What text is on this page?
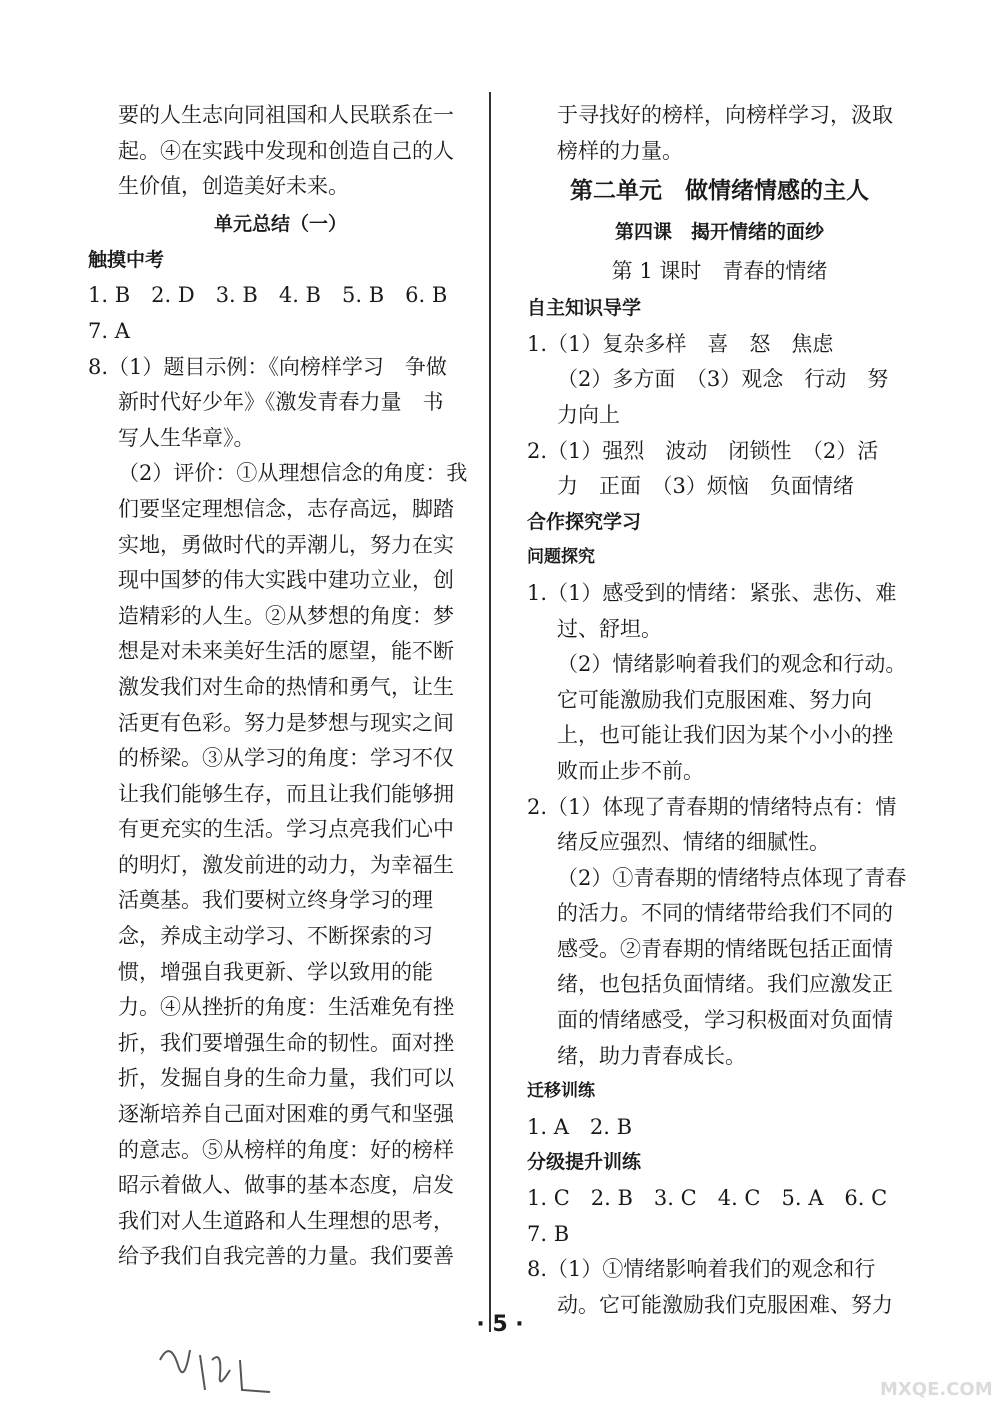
要的人生志向同祖国和人民联系在一
起。④在实践中发现和创造自己的人
生价值，创造美好未来。
单元总结（一）
触摸中考
1. B　2. D　3. B　4. B　5. B　6. B
7. A
8.（1）题目示例：《向榜样学习　争做
新时代好少年》《激发青春力量　书
写人生华章》。
（2）评价：①从理想信念的角度：我
们要坚定理想信念，志存高远，脚踏
实地，勇做时代的弄潮儿，努力在实
现中国梦的伟大实践中建功立业，创
造精彩的人生。②从梦想的角度：梦
想是对未来美好生活的愿望，能不断
激发我们对生命的热情和勇气，让生
活更有色彩。努力是梦想与现实之间
的桥梁。③从学习的角度：学习不仅
让我们能够生存，而且让我们能够拥
有更充实的生活。学习点亮我们心中
的明灯，激发前进的动力，为幸福生
活奠基。我们要树立终身学习的理
念，养成主动学习、不断探索的习
惯，增强自我更新、学以致用的能
力。④从挫折的角度：生活难免有挫
折，我们要增强生命的韧性。面对挫
折，发掘自身的生命力量，我们可以
逐渐培养自己面对困难的勇气和坚强
的意志。⑤从榜样的角度：好的榜样
昭示着做人、做事的基本态度，启发
我们对人生道路和人生理想的思考，
给予我们自我完善的力量。我们要善
于寻找好的榜样，向榜样学习，汲取
榜样的力量。
第二单元　做情绪情感的主人
第四课　揭开情绪的面纱
第 1 课时　青春的情绪
自主知识导学
1.（1）复杂多样　喜　怒　焦虑
（2）多方面　（3）观念　行动　努
力向上
2.（1）强烈　波动　闭锁性　（2）活
力　正面　（3）烦恼　负面情绪
合作探究学习
问题探究
1.（1）感受到的情绪：紧张、悲伤、难
过、舒坦。
（2）情绪影响着我们的观念和行动。
它可能激励我们克服困难、努力向
上，也可能让我们因为某个小小的挫
败而止步不前。
2.（1）体现了青春期的情绪特点有：情
绪反应强烈、情绪的细腻性。
（2）①青春期的情绪特点体现了青春
的活力。不同的情绪带给我们不同的
感受。②青春期的情绪既包括正面情
绪，也包括负面情绪。我们应激发正
面的情绪感受，学习积极面对负面情
绪，助力青春成长。
迁移训练
1. A　2. B
分级提升训练
1. C　2. B　3. C　4. C　5. A　6. C
7. B
8.（1）①情绪影响着我们的观念和行
动。它可能激励我们克服困难、努力
· 5 ·
MXQE.COM
